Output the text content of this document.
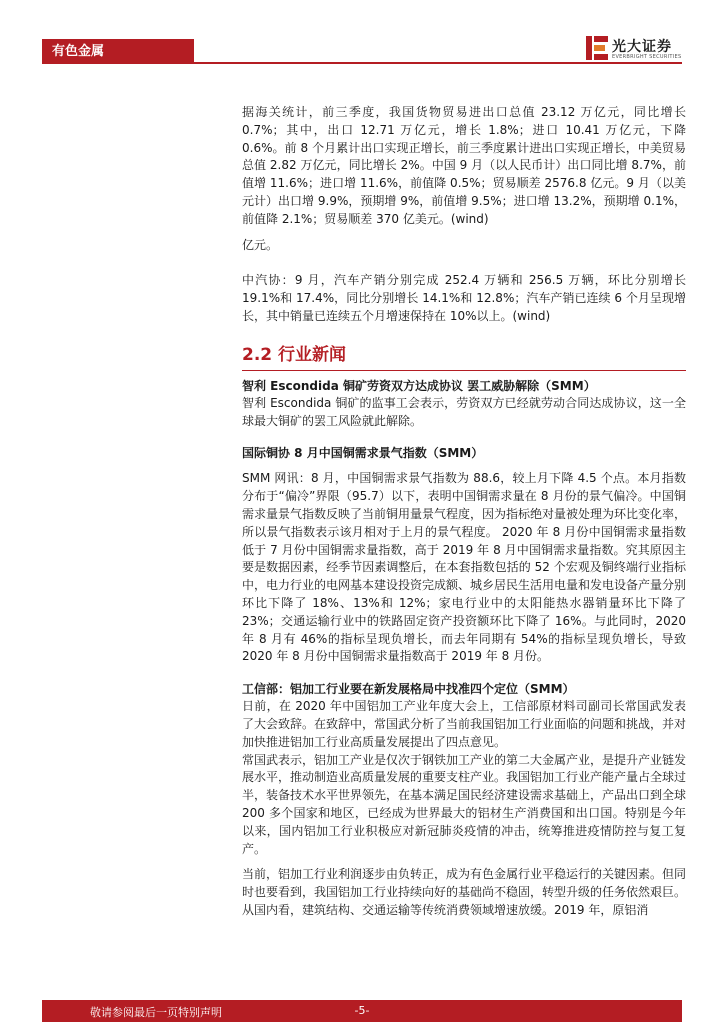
有色金属	光大证券
EVERBRIGHT SECURITIES

据海关统计，前三季度，我国货物贸易进出口总值 23.12 万亿元，同比增长 0.7%；其中，出口 12.71 万亿元，增长 1.8%；进口 10.41 万亿元，下降 0.6%。前 8 个月累计出口实现正增长，前三季度累计进出口实现正增长，中美贸易总值 2.82 万亿元，同比增长 2%。中国 9 月（以人民币计）出口同比增 8.7%，前值增 11.6%；进口增 11.6%，前值降 0.5%；贸易顺差 2576.8 亿元。9 月（以美元计）出口增 9.9%，预期增 9%，前值增 9.5%；进口增 13.2%，预期增 0.1%，前值降 2.1%；贸易顺差 370 亿美元。(wind)

亿元。

中汽协：9 月，汽车产销分别完成 252.4 万辆和 256.5 万辆，环比分别增长 19.1%和 17.4%，同比分别增长 14.1%和 12.8%；汽车产销已连续 6 个月呈现增长，其中销量已连续五个月增速保持在 10%以上。(wind)

2.2 行业新闻
智利 Escondida 铜矿劳资双方达成协议 罢工威胁解除（SMM）

智利 Escondida 铜矿的监事工会表示，劳资双方已经就劳动合同达成协议，这一全球最大铜矿的罢工风险就此解除。

国际铜协 8 月中国铜需求景气指数（SMM）

SMM 网讯：8 月，中国铜需求景气指数为 88.6，较上月下降 4.5 个点。本月指数分布于“偏冷”界限（95.7）以下，表明中国铜需求量在 8 月份的景气偏冷。中国铜需求量景气指数反映了当前铜用量景气程度，因为指标绝对量被处理为环比变化率，所以景气指数表示该月相对于上月的景气程度。 2020 年 8 月份中国铜需求量指数低于 7 月份中国铜需求量指数，高于 2019 年 8 月中国铜需求量指数。究其原因主要是数据因素，经季节因素调整后，在本套指数包括的 52 个宏观及铜终端行业指标中，电力行业的电网基本建设投资完成额、城乡居民生活用电量和发电设备产量分别环比下降了 18%、13%和 12%；家电行业中的太阳能热水器销量环比下降了 23%；交通运输行业中的铁路固定资产投资额环比下降了 16%。与此同时，2020 年 8 月有 46%的指标呈现负增长，而去年同期有 54%的指标呈现负增长，导致 2020 年 8 月份中国铜需求量指数高于 2019 年 8 月份。

工信部：铝加工行业要在新发展格局中找准四个定位（SMM）

日前，在 2020 年中国铝加工产业年度大会上，工信部原材料司副司长常国武发表了大会致辞。在致辞中，常国武分析了当前我国铝加工行业面临的问题和挑战，并对加快推进铝加工行业高质量发展提出了四点意见。

常国武表示，铝加工产业是仅次于钢铁加工产业的第二大金属产业，是提升产业链发展水平，推动制造业高质量发展的重要支柱产业。我国铝加工行业产能产量占全球过半，装备技术水平世界领先，在基本满足国民经济建设需求基础上，产品出口到全球 200 多个国家和地区，已经成为世界最大的铝材生产消费国和出口国。特别是今年以来，国内铝加工行业积极应对新冠肺炎疫情的冲击，统筹推进疫情防控与复工复产。

当前，铝加工行业利润逐步由负转正，成为有色金属行业平稳运行的关键因素。但同时也要看到，我国铝加工行业持续向好的基础尚不稳固，转型升级的任务依然艰巨。从国内看，建筑结构、交通运输等传统消费领域增速放缓。2019 年，原铝消

敬请参阅最后一页特别声明	-5-
